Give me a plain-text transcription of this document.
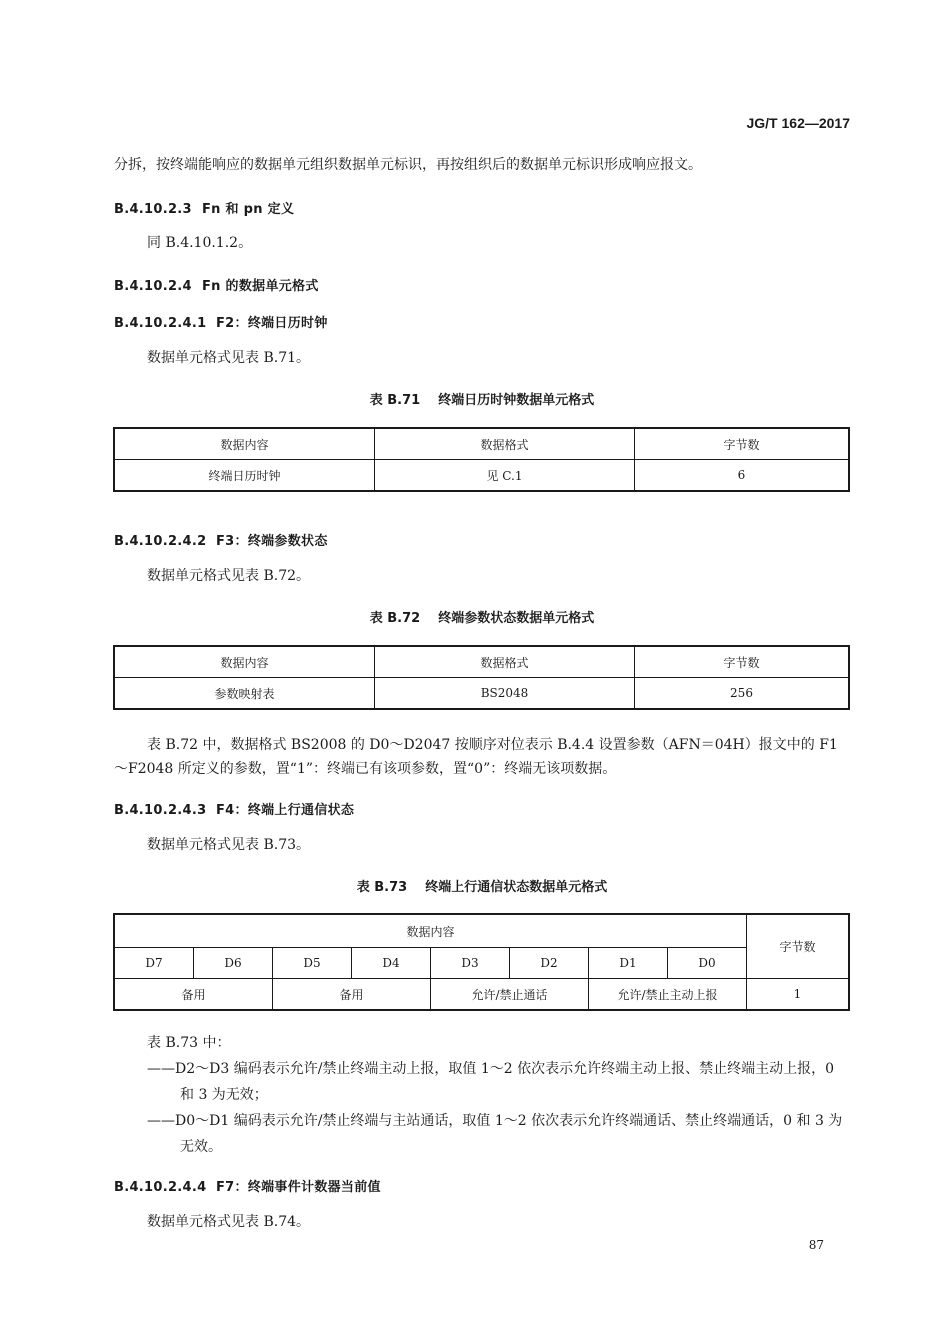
JG/T 162—2017
分拆，按终端能响应的数据单元组织数据单元标识，再按组织后的数据单元标识形成响应报文。
B.4.10.2.3 Fn 和 pn 定义
同 B.4.10.1.2。
B.4.10.2.4 Fn 的数据单元格式
B.4.10.2.4.1 F2：终端日历时钟
数据单元格式见表 B.71。
表 B.71 终端日历时钟数据单元格式
数据内容	数据格式	字节数
终端日历时钟	见 C.1	6
B.4.10.2.4.2 F3：终端参数状态
数据单元格式见表 B.72。
表 B.72 终端参数状态数据单元格式
数据内容	数据格式	字节数
参数映射表	BS2048	256
表 B.72 中，数据格式 BS2008 的 D0～D2047 按顺序对位表示 B.4.4 设置参数（AFN＝04H）报文中的 F1～F2048 所定义的参数，置“1”：终端已有该项参数，置“0”：终端无该项数据。
B.4.10.2.4.3 F4：终端上行通信状态
数据单元格式见表 B.73。
表 B.73 终端上行通信状态数据单元格式
数据内容								字节数
D7	D6	D5	D4	D3	D2	D1	D0	
备用		备用		允许/禁止通话		允许/禁止主动上报		1
表 B.73 中：
——D2～D3 编码表示允许/禁止终端主动上报，取值 1～2 依次表示允许终端主动上报、禁止终端主动上报，0 和 3 为无效；
——D0～D1 编码表示允许/禁止终端与主站通话，取值 1～2 依次表示允许终端通话、禁止终端通话，0 和 3 为无效。
B.4.10.2.4.4 F7：终端事件计数器当前值
数据单元格式见表 B.74。
87
